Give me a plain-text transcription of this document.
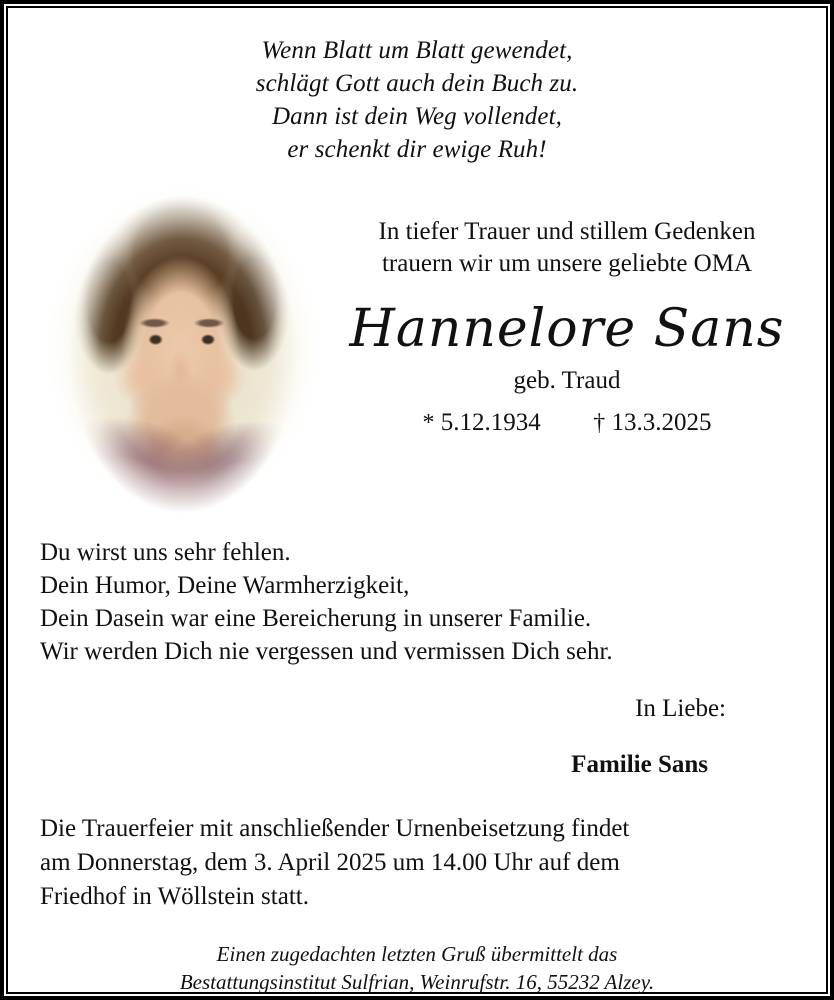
Wenn Blatt um Blatt gewendet,
schlägt Gott auch dein Buch zu.
Dann ist dein Weg vollendet,
er schenkt dir ewige Ruh!
In tiefer Trauer und stillem Gedenken
trauern wir um unsere geliebte OMA
Hannelore Sans
geb. Traud
* 5.12.1934 † 13.3.2025
Du wirst uns sehr fehlen.
Dein Humor, Deine Warmherzigkeit,
Dein Dasein war eine Bereicherung in unserer Familie.
Wir werden Dich nie vergessen und vermissen Dich sehr.
In Liebe:
Familie Sans
Die Trauerfeier mit anschließender Urnenbeisetzung findet
am Donnerstag, dem 3. April 2025 um 14.00 Uhr auf dem
Friedhof in Wöllstein statt.
Einen zugedachten letzten Gruß übermittelt das
Bestattungsinstitut Sulfrian, Weinrufstr. 16, 55232 Alzey.
